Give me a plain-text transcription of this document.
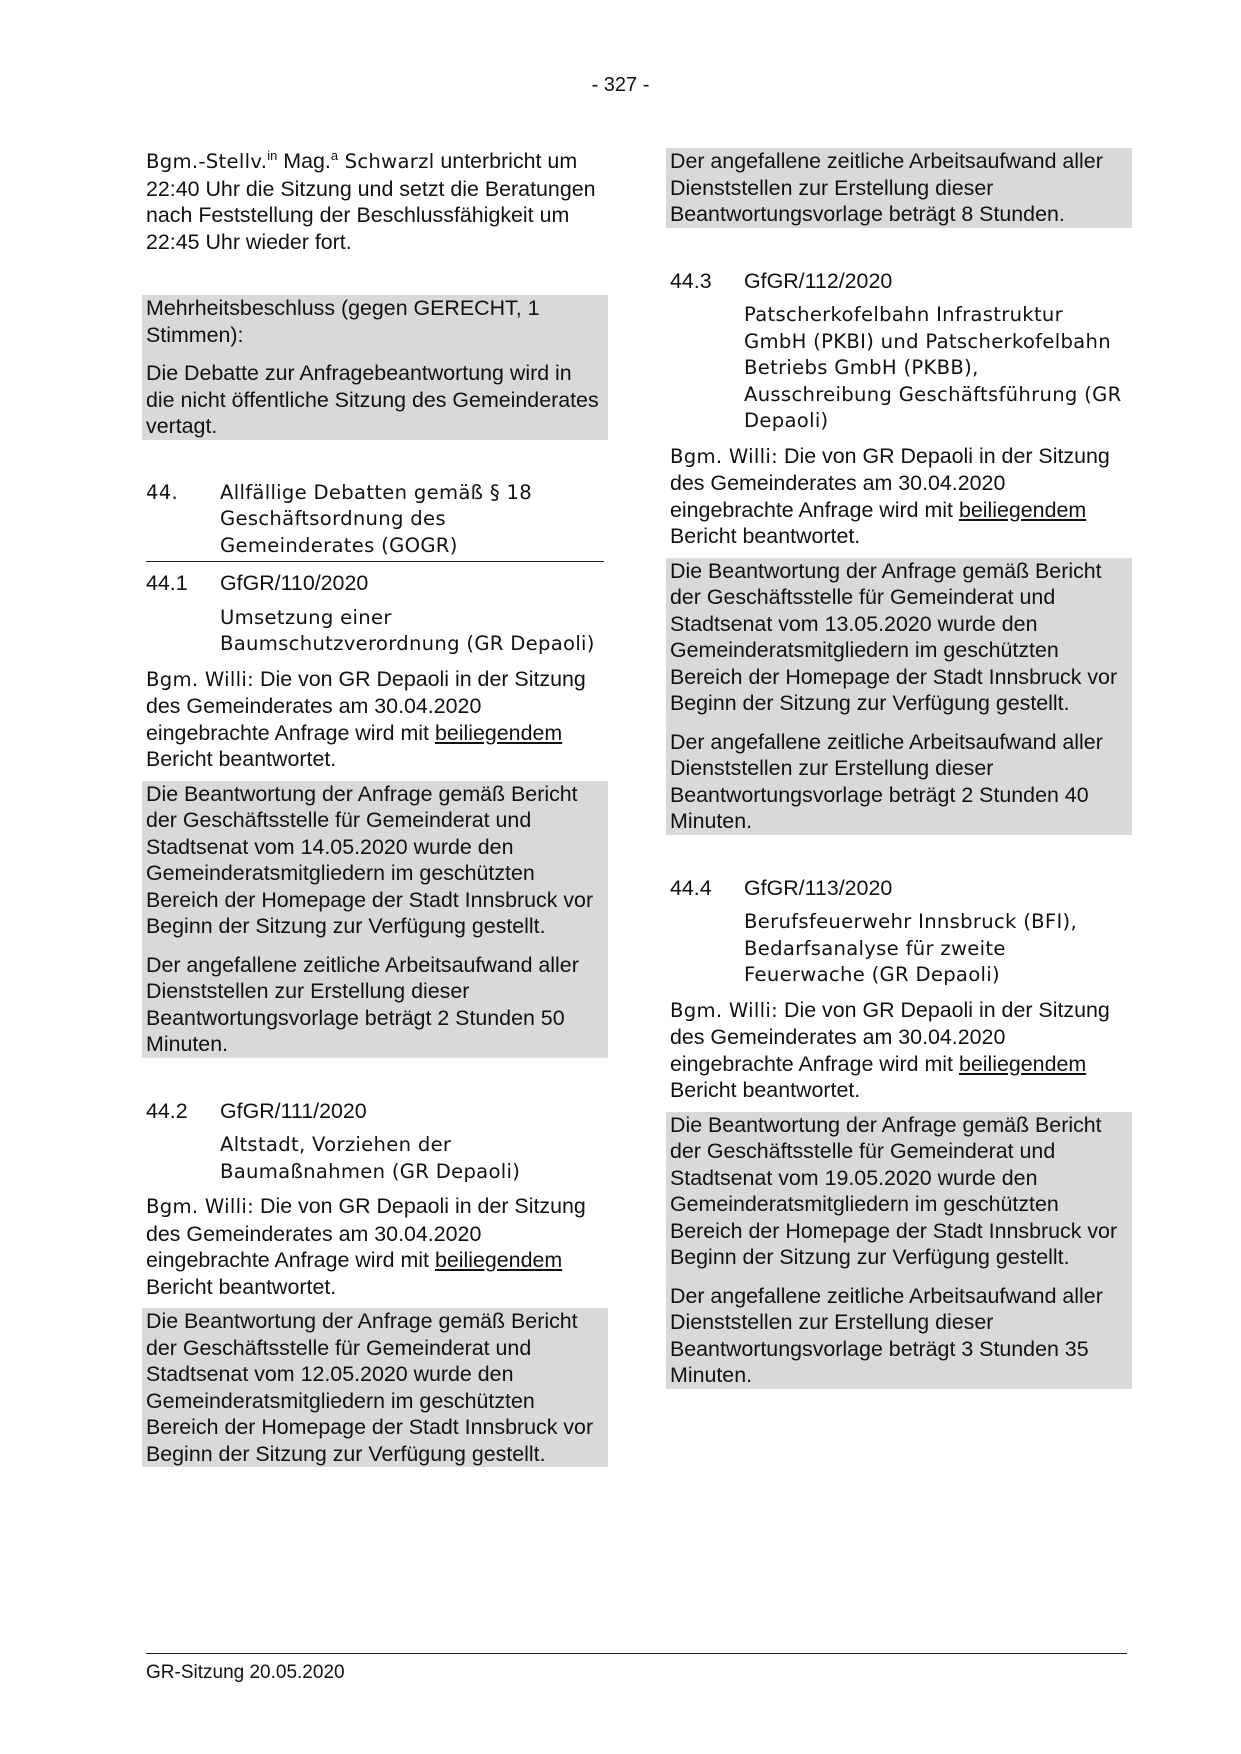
- 327 -

Bgm.-Stellv.$^{in}$ Mag.$^a$ Schwarzl unterbricht um 22:40 Uhr die Sitzung und setzt die Beratungen nach Feststellung der Beschlussfähigkeit um 22:45 Uhr wieder fort.

Mehrheitsbeschluss (gegen GERECHT, 1 Stimmen):

Die Debatte zur Anfragebeantwortung wird in die nicht öffentliche Sitzung des Gemeinderates vertagt.

44.	Allfällige Debatten gemäß § 18 Geschäftsordnung des Gemeinderates (GOGR)
44.1	GfGR/110/2020

Umsetzung einer Baumschutzverordnung (GR Depaoli)

Bgm. Willi: Die von GR Depaoli in der Sitzung des Gemeinderates am 30.04.2020 eingebrachte Anfrage wird mit beiliegendem Bericht beantwortet.

Die Beantwortung der Anfrage gemäß Bericht der Geschäftsstelle für Gemeinderat und Stadtsenat vom 14.05.2020 wurde den Gemeinderatsmitgliedern im geschützten Bereich der Homepage der Stadt Innsbruck vor Beginn der Sitzung zur Verfügung gestellt.

Der angefallene zeitliche Arbeitsaufwand aller Dienststellen zur Erstellung dieser Beantwortungsvorlage beträgt 2 Stunden 50 Minuten.

44.2	GfGR/111/2020

Altstadt, Vorziehen der Baumaßnahmen (GR Depaoli)

Bgm. Willi: Die von GR Depaoli in der Sitzung des Gemeinderates am 30.04.2020 eingebrachte Anfrage wird mit beiliegendem Bericht beantwortet.

Die Beantwortung der Anfrage gemäß Bericht der Geschäftsstelle für Gemeinderat und Stadtsenat vom 12.05.2020 wurde den Gemeinderatsmitgliedern im geschützten Bereich der Homepage der Stadt Innsbruck vor Beginn der Sitzung zur Verfügung gestellt.

Der angefallene zeitliche Arbeitsaufwand aller Dienststellen zur Erstellung dieser Beantwortungsvorlage beträgt 8 Stunden.

44.3	GfGR/112/2020

Patscherkofelbahn Infrastruktur GmbH (PKBI) und Patscherkofelbahn Betriebs GmbH (PKBB), Ausschreibung Geschäftsführung (GR Depaoli)

Bgm. Willi: Die von GR Depaoli in der Sitzung des Gemeinderates am 30.04.2020 eingebrachte Anfrage wird mit beiliegendem Bericht beantwortet.

Die Beantwortung der Anfrage gemäß Bericht der Geschäftsstelle für Gemeinderat und Stadtsenat vom 13.05.2020 wurde den Gemeinderatsmitgliedern im geschützten Bereich der Homepage der Stadt Innsbruck vor Beginn der Sitzung zur Verfügung gestellt.

Der angefallene zeitliche Arbeitsaufwand aller Dienststellen zur Erstellung dieser Beantwortungsvorlage beträgt 2 Stunden 40 Minuten.

44.4	GfGR/113/2020

Berufsfeuerwehr Innsbruck (BFI), Bedarfsanalyse für zweite Feuerwache (GR Depaoli)

Bgm. Willi: Die von GR Depaoli in der Sitzung des Gemeinderates am 30.04.2020 eingebrachte Anfrage wird mit beiliegendem Bericht beantwortet.

Die Beantwortung der Anfrage gemäß Bericht der Geschäftsstelle für Gemeinderat und Stadtsenat vom 19.05.2020 wurde den Gemeinderatsmitgliedern im geschützten Bereich der Homepage der Stadt Innsbruck vor Beginn der Sitzung zur Verfügung gestellt.

Der angefallene zeitliche Arbeitsaufwand aller Dienststellen zur Erstellung dieser Beantwortungsvorlage beträgt 3 Stunden 35 Minuten.

GR-Sitzung 20.05.2020
